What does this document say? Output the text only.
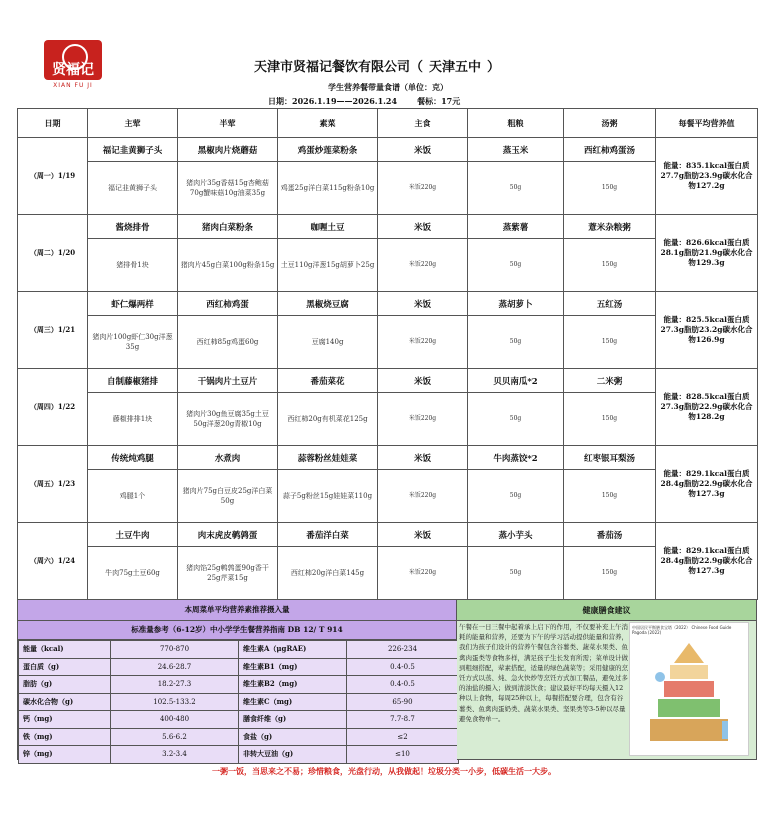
贤福记
XIAN FU JI
天津市贤福记餐饮有限公司（ 天津五中 ）
学生营养餐带量食谱（单位：克）
日期：2026.1.19——2026.1.24	餐标：17元
日期	主荤	半荤	素菜	主食	粗粮	汤粥	每餐平均营养值
（周一）1/19	福记韭黄狮子头	黑椒肉片烧蘑菇	鸡蛋炒莲菜粉条	米饭	蒸玉米	西红柿鸡蛋汤	能量：835.1kcal蛋白质27.7g脂肪23.9g碳水化合物127.2g
	福记韭黄狮子头	猪肉片35g香菇15g杏鲍菇70g蟹味菇10g油菜35g	鸡蛋25g洋白菜115g粉条10g	米饭220g	50g	150g	
（周二）1/20	酱烧排骨	猪肉白菜粉条	咖喱土豆	米饭	蒸紫薯	薏米杂粮粥	能量：826.6kcal蛋白质28.1g脂肪21.9g碳水化合物129.3g
	猪排骨1块	猪肉片45g白菜100g粉条15g	土豆110g洋葱15g胡萝卜25g	米饭220g	50g	150g	
（周三）1/21	虾仁爆两样	西红柿鸡蛋	黑椒烧豆腐	米饭	蒸胡萝卜	五红汤	能量：825.5kcal蛋白质27.3g脂肪23.2g碳水化合物126.9g
	猪肉片100g虾仁30g洋葱35g	西红柿85g鸡蛋60g	豆腐140g	米饭220g	50g	150g	
（周四）1/22	自制藤椒猪排	干锅肉片土豆片	番茄菜花	米饭	贝贝南瓜*2	二米粥	能量：828.5kcal蛋白质27.3g脂肪22.9g碳水化合物128.2g
	藤椒排排1块	猪肉片30g鱼豆腐35g土豆50g洋葱20g青椒10g	西红柿20g有机菜花125g	米饭220g	50g	150g	
（周五）1/23	传统炖鸡腿	水煮肉	蒜蓉粉丝娃娃菜	米饭	牛肉蒸饺*2	红枣银耳梨汤	能量：829.1kcal蛋白质28.4g脂肪22.9g碳水化合物127.3g
	鸡腿1个	猪肉片75g白豆皮25g洋白菜50g	蒜子5g粉丝15g娃娃菜110g	米饭220g	50g	150g	
（周六）1/24	土豆牛肉	肉末虎皮鹌鹑蛋	番茄洋白菜	米饭	蒸小芋头	番茄汤	能量：829.1kcal蛋白质28.4g脂肪22.9g碳水化合物127.3g
	牛肉75g土豆60g	猪肉馅25g鹌鹑蛋90g香干25g芹菜15g	西红柿20g洋白菜145g	米饭220g	50g	150g	
本周菜单平均营养素推荐摄入量
标准量参考（6-12岁）中小学学生餐营养指南 DB 12/ T 914
能量（kcal)	770-870	维生素A（μgRAE)	226-234
蛋白质（g)	24.6-28.7	维生素B1（mg)	0.4-0.5
脂肪（g)	18.2-27.3	维生素B2（mg)	0.4-0.5
碳水化合物（g)	102.5-133.2	维生素C（mg)	65-90
钙（mg)	400-480	膳食纤维（g)	7.7-8.7
铁（mg)	5.6-6.2	食盐（g)	≤2
锌（mg)	3.2-3.4	非转大豆油（g)	≤10
健康膳食建议
午餐在一日三餐中起着承上启下的作用，不仅要补充上午消耗的能量和营养，还要为下午的学习活动提供能量和营养，我们为孩子们设计的营养午餐包含谷薯类、蔬菜水果类、鱼禽肉蛋类等食物多样，满足孩子生长发育所需；菜单设计做到粗细搭配，荤素搭配，适量的绿色蔬菜等；采用健康的烹饪方式以蒸、炖、急火快炒等烹饪方式加工餐品，避免过多的油盐的摄入；做到清淡饮食；建议最好平均每天摄入12种以上食物，每周25种以上，每餐搭配要合理，包含有谷薯类、鱼禽肉蛋奶类、蔬菜水果类、坚果类等3-5种以尽量避免食物单一。
中国居民平衡膳食宝塔（2022） Chinese Food Guide Pagoda (2022)
一粥一饭，当思来之不易；珍惜粮食，光盘行动，从我做起！垃圾分类一小步，低碳生活一大步。
